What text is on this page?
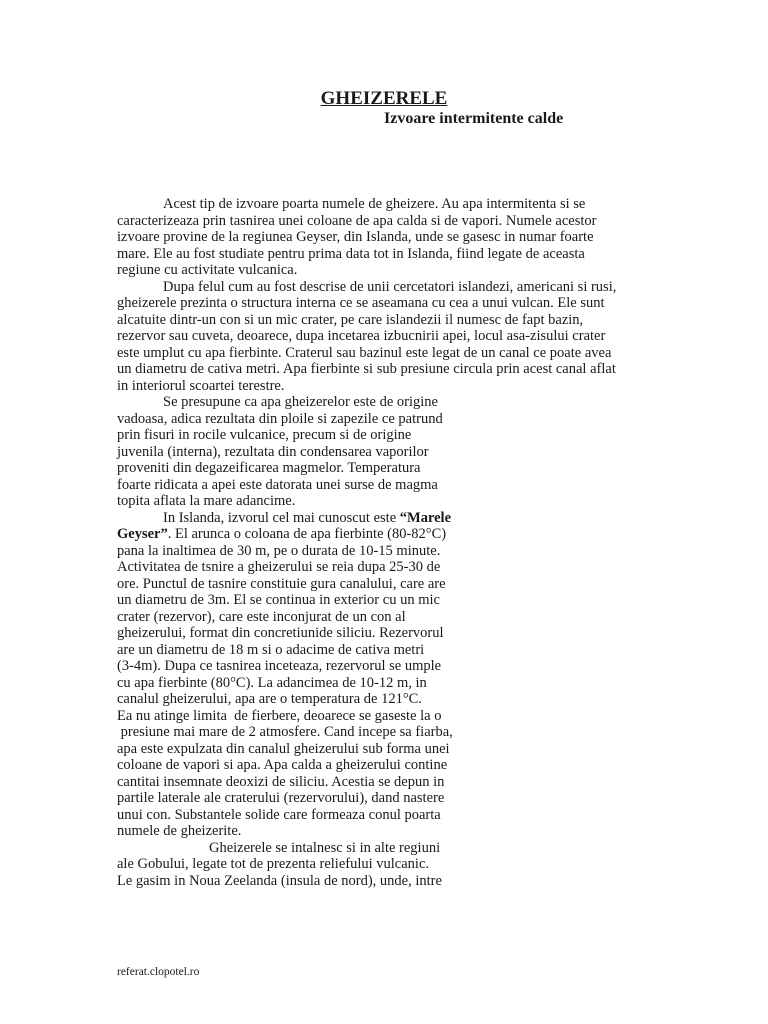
GHEIZERELE
Izvoare intermitente calde

Acest tip de izvoare poarta numele de gheizere. Au apa intermitenta si se
caracterizeaza prin tasnirea unei coloane de apa calda si de vapori. Numele acestor
izvoare provine de la regiunea Geyser, din Islanda, unde se gasesc in numar foarte
mare. Ele au fost studiate pentru prima data tot in Islanda, fiind legate de aceasta
regiune cu activitate vulcanica.

Dupa felul cum au fost descrise de unii cercetatori islandezi, americani si rusi,
gheizerele prezinta o structura interna ce se aseamana cu cea a unui vulcan. Ele sunt
alcatuite dintr-un con si un mic crater, pe care islandezii il numesc de fapt bazin,
rezervor sau cuveta, deoarece, dupa incetarea izbucnirii apei, locul asa-zisului crater
este umplut cu apa fierbinte. Craterul sau bazinul este legat de un canal ce poate avea
un diametru de cativa metri. Apa fierbinte si sub presiune circula prin acest canal aflat
in interiorul scoartei terestre.

Se presupune ca apa gheizerelor este de origine
vadoasa, adica rezultata din ploile si zapezile ce patrund
prin fisuri in rocile vulcanice, precum si de origine
juvenila (interna), rezultata din condensarea vaporilor
proveniti din degazeificarea magmelor. Temperatura
foarte ridicata a apei este datorata unei surse de magma
topita aflata la mare adancime.

In Islanda, izvorul cel mai cunoscut este “Marele
Geyser”. El arunca o coloana de apa fierbinte (80-82°C)
pana la inaltimea de 30 m, pe o durata de 10-15 minute.
Activitatea de tsnire a gheizerului se reia dupa 25-30 de
ore. Punctul de tasnire constituie gura canalului, care are
un diametru de 3m. El se continua in exterior cu un mic
crater (rezervor), care este inconjurat de un con al
gheizerului, format din concretiunide siliciu. Rezervorul
are un diametru de 18 m si o adacime de cativa metri
(3-4m). Dupa ce tasnirea inceteaza, rezervorul se umple
cu apa fierbinte (80°C). La adancimea de 10-12 m, in
canalul gheizerului, apa are o temperatura de 121°C.
Ea nu atinge limita  de fierbere, deoarece se gaseste la o
presiune mai mare de 2 atmosfere. Cand incepe sa fiarba,
apa este expulzata din canalul gheizerului sub forma unei
coloane de vapori si apa. Apa calda a gheizerului contine
cantitai insemnate deoxizi de siliciu. Acestia se depun in
partile laterale ale craterului (rezervorului), dand nastere
unui con. Substantele solide care formeaza conul poarta
numele de gheizerite.

Gheizerele se intalnesc si in alte regiuni
ale Gobului, legate tot de prezenta reliefului vulcanic.
Le gasim in Noua Zeelanda (insula de nord), unde, intre

referat.clopotel.ro
